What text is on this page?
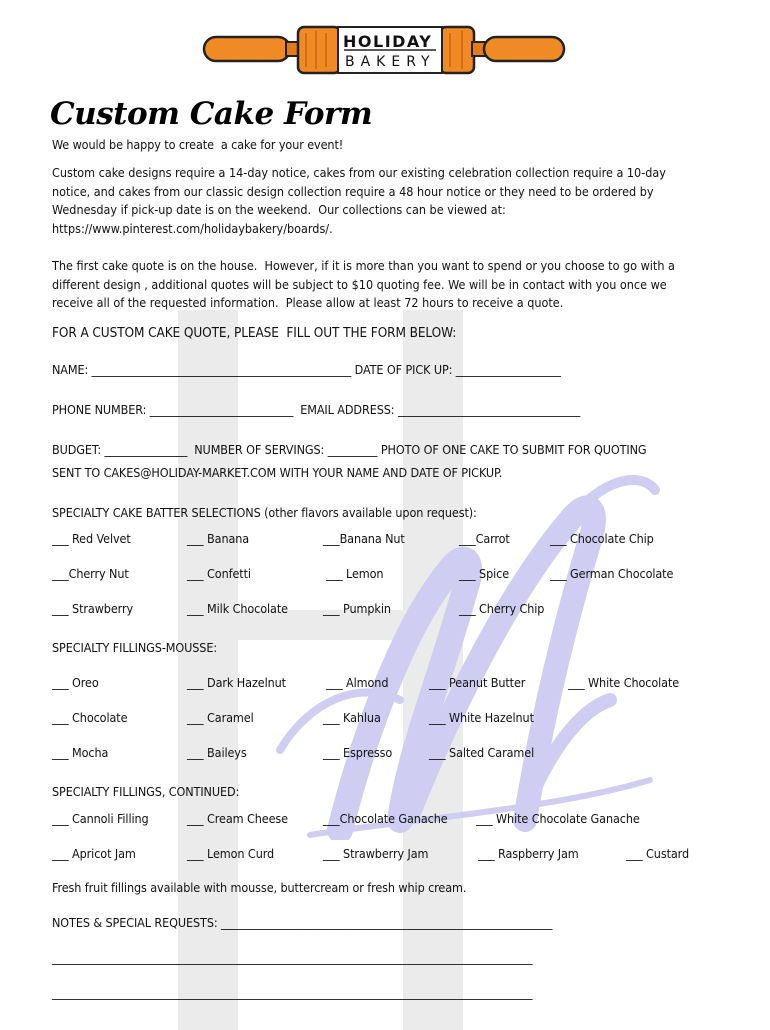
HOLIDAY
BAKERY
Custom Cake Form
We would be happy to create  a cake for your event!
Custom cake designs require a 14-day notice, cakes from our existing celebration collection require a 10-day
notice, and cakes from our classic design collection require a 48 hour notice or they need to be ordered by
Wednesday if pick-up date is on the weekend.  Our collections can be viewed at:
https://www.pinterest.com/holidaybakery/boards/.
The first cake quote is on the house.  However, if it is more than you want to spend or you choose to go with a
different design , additional quotes will be subject to $10 quoting fee. We will be in contact with you once we
receive all of the requested information.  Please allow at least 72 hours to receive a quote.
FOR A CUSTOM CAKE QUOTE, PLEASE  FILL OUT THE FORM BELOW:
NAME: _______________________________________________ DATE OF PICK UP: ___________________
PHONE NUMBER: __________________________  EMAIL ADDRESS: _________________________________
BUDGET: _______________  NUMBER OF SERVINGS: _________ PHOTO OF ONE CAKE TO SUBMIT FOR QUOTING
SENT TO CAKES@HOLIDAY-MARKET.COM WITH YOUR NAME AND DATE OF PICKUP.
SPECIALTY CAKE BATTER SELECTIONS (other flavors available upon request):
___ Red Velvet	___ Banana	___Banana Nut	___Carrot	___ Chocolate Chip
___Cherry Nut	___ Confetti	___ Lemon	___ Spice	___ German Chocolate
___ Strawberry	___ Milk Chocolate	___ Pumpkin	___ Cherry Chip
SPECIALTY FILLINGS-MOUSSE:
___ Oreo	___ Dark Hazelnut	___ Almond	___ Peanut Butter	___ White Chocolate
___ Chocolate	___ Caramel	___ Kahlua	___ White Hazelnut
___ Mocha	___ Baileys	___ Espresso	___ Salted Caramel
SPECIALTY FILLINGS, CONTINUED:
___ Cannoli Filling	___ Cream Cheese	___Chocolate Ganache ___ White Chocolate Ganache
___ Apricot Jam	___ Lemon Curd	___ Strawberry Jam	___ Raspberry Jam	___ Custard
Fresh fruit fillings available with mousse, buttercream or fresh whip cream.
NOTES & SPECIAL REQUESTS: ____________________________________________________________
_______________________________________________________________________________________
_______________________________________________________________________________________
